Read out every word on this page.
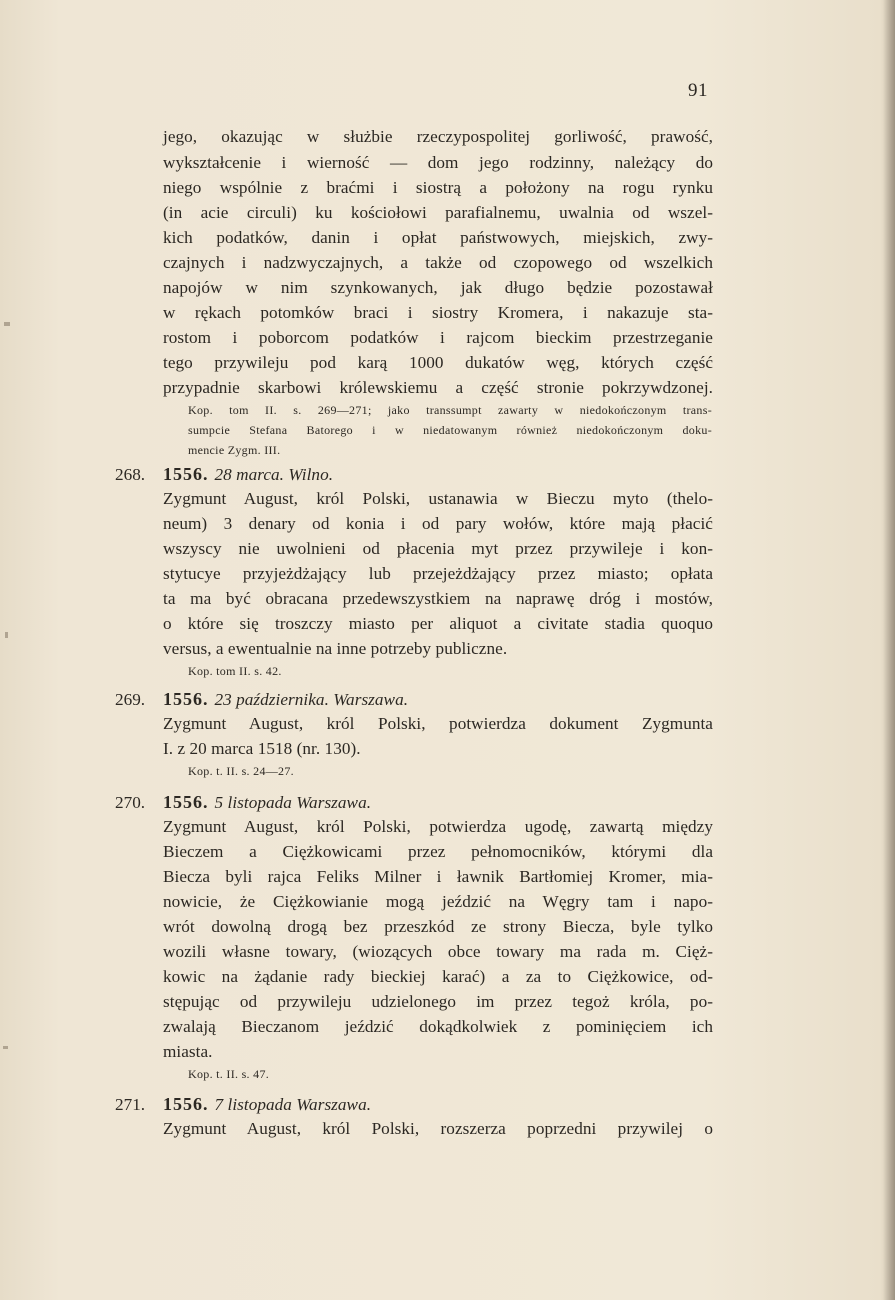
91
jego, okazując w służbie rzeczypospolitej gorliwość, prawość,
wykształcenie i wierność — dom jego rodzinny, należący do
niego wspólnie z braćmi i siostrą a położony na rogu rynku
(in acie circuli) ku kościołowi parafialnemu, uwalnia od wszel-
kich podatków, danin i opłat państwowych, miejskich, zwy-
czajnych i nadzwyczajnych, a także od czopowego od wszelkich
napojów w nim szynkowanych, jak długo będzie pozostawał
w rękach potomków braci i siostry Kromera, i nakazuje sta-
rostom i poborcom podatków i rajcom bieckim przestrzeganie
tego przywileju pod karą 1000 dukatów węg, których część
przypadnie skarbowi królewskiemu a część stronie pokrzywdzonej.
Kop. tom II. s. 269—271; jako transsumpt zawarty w niedokończonym trans-
sumpcie Stefana Batorego i w niedatowanym również niedokończonym doku-
mencie Zygm. III.
268. 1556. 28 marca. Wilno.
Zygmunt August, król Polski, ustanawia w Bieczu myto (thelo-
neum) 3 denary od konia i od pary wołów, które mają płacić
wszyscy nie uwolnieni od płacenia myt przez przywileje i kon-
stytucye przyjeżdżający lub przejeżdżający przez miasto; opłata
ta ma być obracana przedewszystkiem na naprawę dróg i mostów,
o które się troszczy miasto per aliquot a civitate stadia quoquo
versus, a ewentualnie na inne potrzeby publiczne.
Kop. tom II. s. 42.
269. 1556. 23 października. Warszawa.
Zygmunt August, król Polski, potwierdza dokument Zygmunta
I. z 20 marca 1518 (nr. 130).
Kop. t. II. s. 24—27.
270. 1556. 5 listopada Warszawa.
Zygmunt August, król Polski, potwierdza ugodę, zawartą między
Bieczem a Ciężkowicami przez pełnomocników, którymi dla
Biecza byli rajca Feliks Milner i ławnik Bartłomiej Kromer, mia-
nowicie, że Ciężkowianie mogą jeździć na Węgry tam i napo-
wrót dowolną drogą bez przeszkód ze strony Biecza, byle tylko
wozili własne towary, (wiozących obce towary ma rada m. Cięż-
kowic na żądanie rady bieckiej karać) a za to Ciężkowice, od-
stępując od przywileju udzielonego im przez tegoż króla, po-
zwalają Bieczanom jeździć dokądkolwiek z pominięciem ich
miasta.
Kop. t. II. s. 47.
271. 1556. 7 listopada Warszawa.
Zygmunt August, król Polski, rozszerza poprzedni przywilej o
